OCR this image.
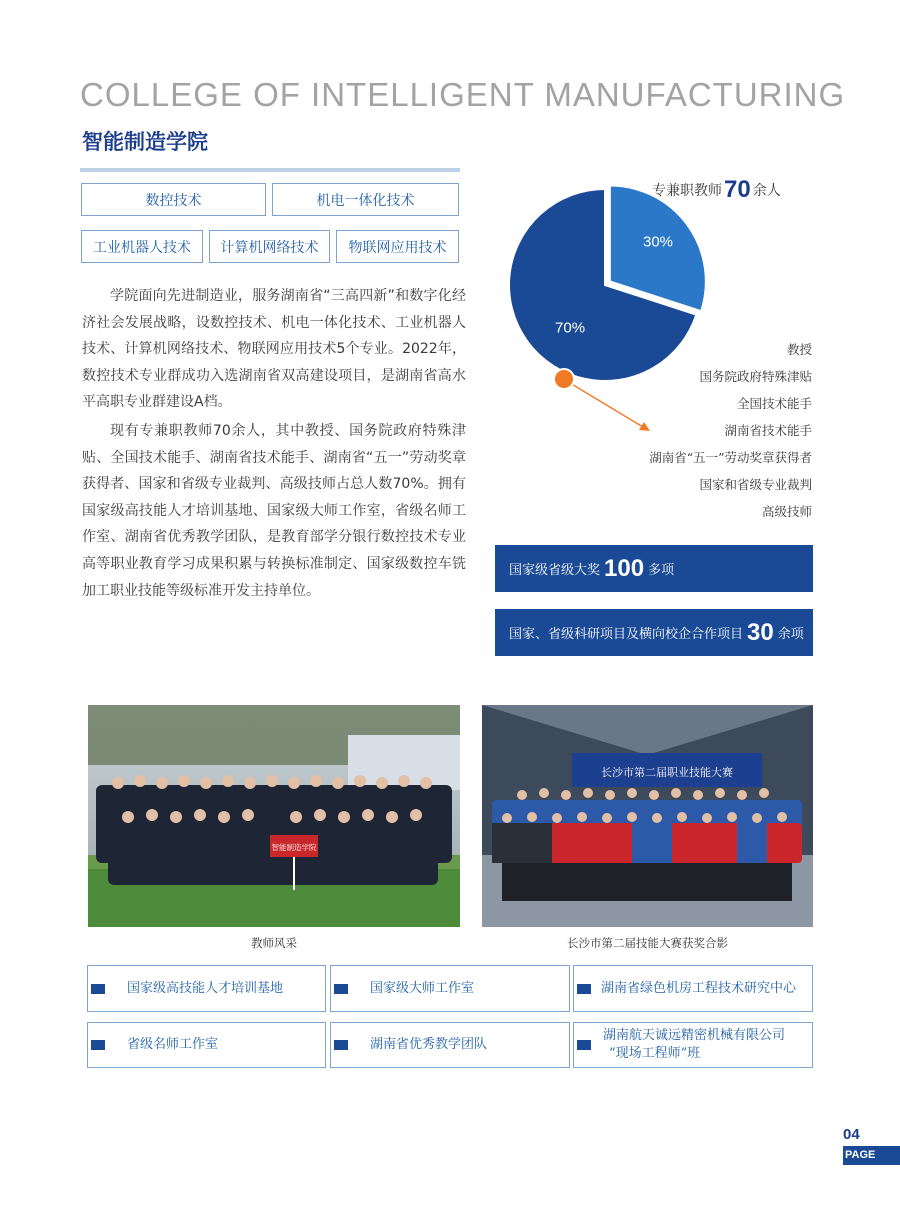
COLLEGE OF INTELLIGENT MANUFACTURING
智能制造学院
数控技术	机电一体化技术
工业机器人技术	计算机网络技术	物联网应用技术

学院面向先进制造业，服务湖南省“三高四新”和数字化经济社会发展战略，设数控技术、机电一体化技术、工业机器人技术、计算机网络技术、物联网应用技术5个专业。2022年，数控技术专业群成功入选湖南省双高建设项目，是湖南省高水平高职专业群建设A档。

现有专兼职教师70余人，其中教授、国务院政府特殊津贴、全国技术能手、湖南省技术能手、湖南省“五一”劳动奖章获得者、国家和省级专业裁判、高级技师占总人数70%。拥有国家级高技能人才培训基地、国家级大师工作室，省级名师工作室、湖南省优秀教学团队，是教育部学分银行数控技术专业高等职业教育学习成果积累与转换标准制定、国家级数控车铣加工职业技能等级标准开发主持单位。

70%
30%
专兼职教师70 余人
教授
国务院政府特殊津贴
全国技术能手
湖南省技术能手
湖南省“五一”劳动奖章获得者
国家和省级专业裁判
高级技师
国家级省级大奖 100 多项
国家、省级科研项目及横向校企合作项目 30 余项
智能制造学院
教师风采
长沙市第二届职业技能大赛
长沙市第二届技能大赛获奖合影
国家级高技能人才培训基地	国家级大师工作室	湖南省绿色机房工程技术研究中心
省级名师工作室	湖南省优秀教学团队
湖南航天诚远精密机械有限公司
“现场工程师”班
04
PAGE
